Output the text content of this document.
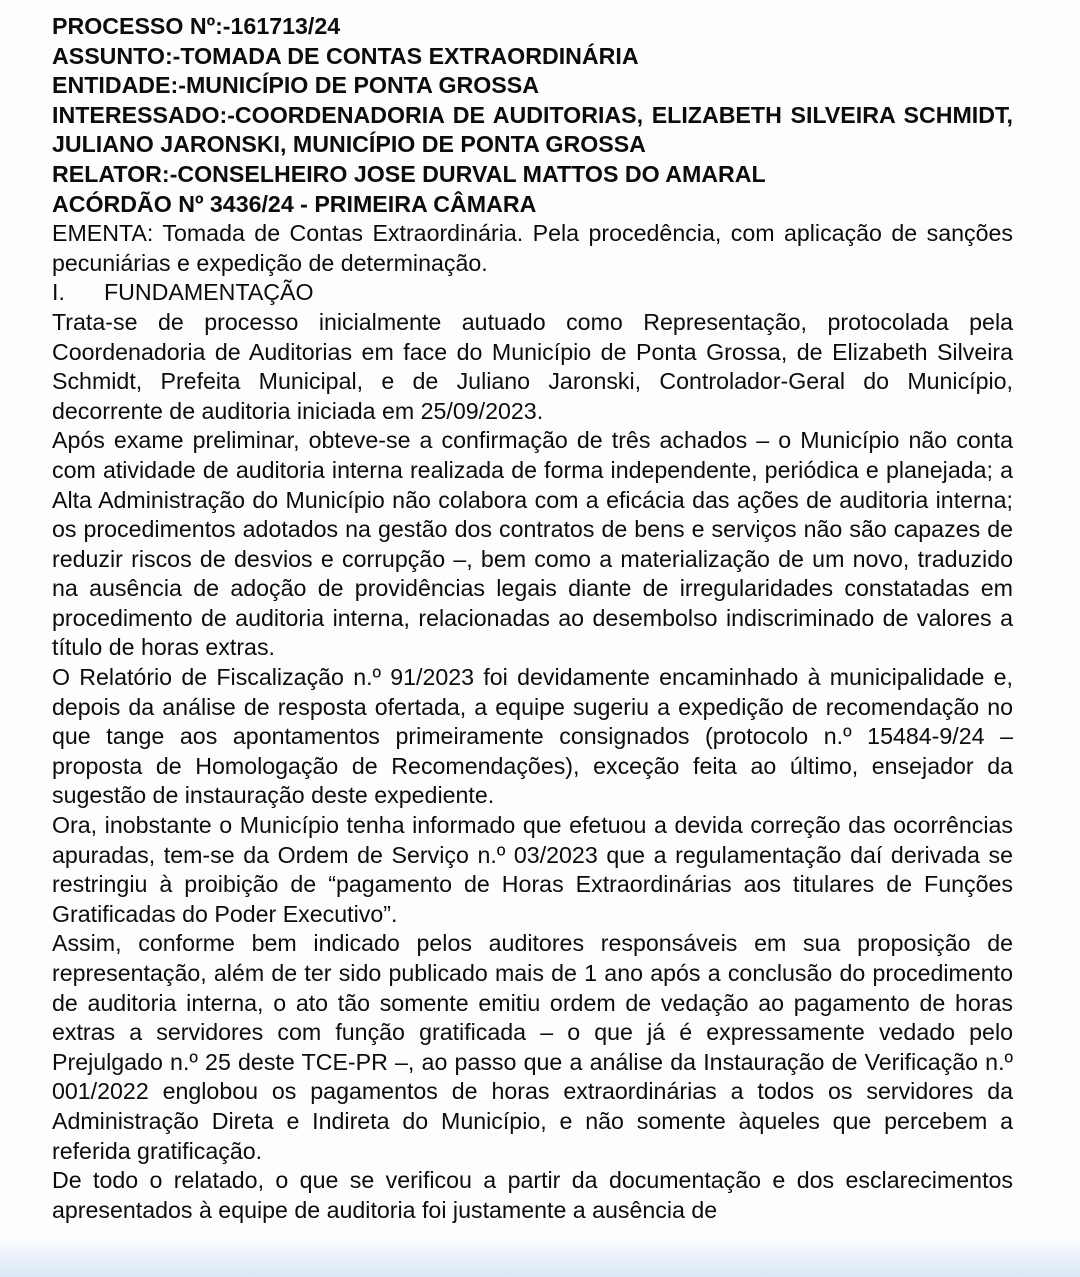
PROCESSO Nº:-161713/24
ASSUNTO:-TOMADA DE CONTAS EXTRAORDINÁRIA
ENTIDADE:-MUNICÍPIO DE PONTA GROSSA
INTERESSADO:-COORDENADORIA DE AUDITORIAS, ELIZABETH SILVEIRA SCHMIDT, JULIANO JARONSKI, MUNICÍPIO DE PONTA GROSSA
RELATOR:-CONSELHEIRO JOSE DURVAL MATTOS DO AMARAL
ACÓRDÃO Nº 3436/24 - PRIMEIRA CÂMARA

EMENTA: Tomada de Contas Extraordinária. Pela procedência, com aplicação de sanções pecuniárias e expedição de determinação.

I.	FUNDAMENTAÇÃO

Trata-se de processo inicialmente autuado como Representação, protocolada pela Coordenadoria de Auditorias em face do Município de Ponta Grossa, de Elizabeth Silveira Schmidt, Prefeita Municipal, e de Juliano Jaronski, Controlador-Geral do Município, decorrente de auditoria iniciada em 25/09/2023.

Após exame preliminar, obteve-se a confirmação de três achados – o Município não conta com atividade de auditoria interna realizada de forma independente, periódica e planejada; a Alta Administração do Município não colabora com a eficácia das ações de auditoria interna; os procedimentos adotados na gestão dos contratos de bens e serviços não são capazes de reduzir riscos de desvios e corrupção –, bem como a materialização de um novo, traduzido na ausência de adoção de providências legais diante de irregularidades constatadas em procedimento de auditoria interna, relacionadas ao desembolso indiscriminado de valores a título de horas extras.

O Relatório de Fiscalização n.º 91/2023 foi devidamente encaminhado à municipalidade e, depois da análise de resposta ofertada, a equipe sugeriu a expedição de recomendação no que tange aos apontamentos primeiramente consignados (protocolo n.º 15484-9/24 – proposta de Homologação de Recomendações), exceção feita ao último, ensejador da sugestão de instauração deste expediente.

Ora, inobstante o Município tenha informado que efetuou a devida correção das ocorrências apuradas, tem-se da Ordem de Serviço n.º 03/2023 que a regulamentação daí derivada se restringiu à proibição de “pagamento de Horas Extraordinárias aos titulares de Funções Gratificadas do Poder Executivo”.

Assim, conforme bem indicado pelos auditores responsáveis em sua proposição de representação, além de ter sido publicado mais de 1 ano após a conclusão do procedimento de auditoria interna, o ato tão somente emitiu ordem de vedação ao pagamento de horas extras a servidores com função gratificada – o que já é expressamente vedado pelo Prejulgado n.º 25 deste TCE-PR –, ao passo que a análise da Instauração de Verificação n.º 001/2022 englobou os pagamentos de horas extraordinárias a todos os servidores da Administração Direta e Indireta do Município, e não somente àqueles que percebem a referida gratificação.

De todo o relatado, o que se verificou a partir da documentação e dos esclarecimentos apresentados à equipe de auditoria foi justamente a ausência de
